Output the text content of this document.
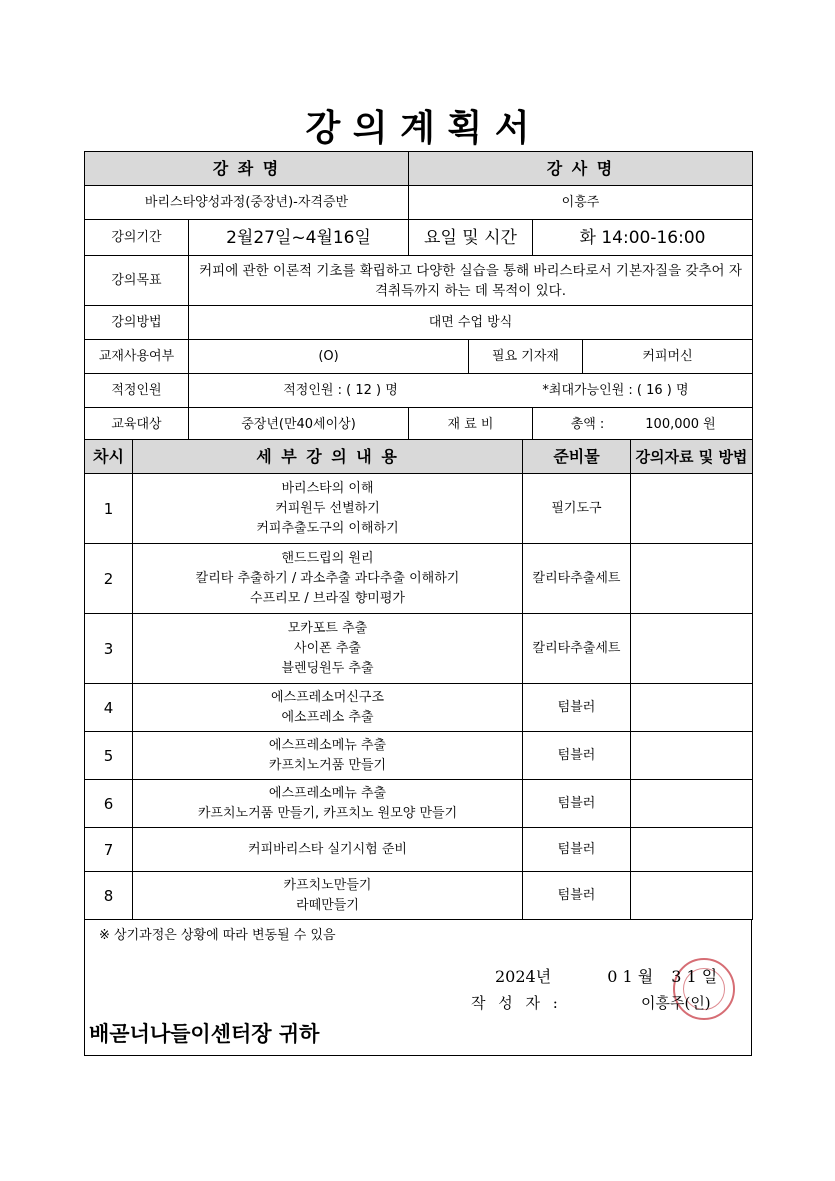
강 의 계 획 서
강 좌 명		강 사 명			
바리스타양성과정(중장년)-자격증반		이흥주			
강의기간	2월27일~4월16일	요일 및 시간		화 14:00-16:00	
강의목표	커피에 관한 이론적 기초를 확립하고 다양한 실습을 통해 바리스타로서 기본자질을 갖추어 자격취득까지 하는 데 목적이 있다.				
강의방법	대면 수업 방식				
교재사용여부	(O)		필요 기자재		커피머신
적정인원	적정인원 : ( 12 ) 명 *최대가능인원 : ( 16 ) 명				
교육대상	중장년(만40세이상)	재 료 비		총액 : 100,000 원	
차시	세 부 강 의 내 용	준비물	강의자료 및 방법
1	바리스타의 이해
커피원두 선별하기
커피추출도구의 이해하기	필기도구	
2	핸드드립의 원리
칼리타 추출하기 / 과소추출 과다추출 이해하기
수프리모 / 브라질 향미평가	칼리타추출세트	
3	모카포트 추출
사이폰 추출
블렌딩원두 추출	칼리타추출세트	
4	에스프레소머신구조
에소프레소 추출	텀블러	
5	에스프레소메뉴 추출
카프치노거품 만들기	텀블러	
6	에스프레소메뉴 추출
카프치노거품 만들기, 카프치노 원모양 만들기	텀블러	
7	커피바리스타 실기시험 준비	텀블러	
8	카프치노만들기
라떼만들기	텀블러	
※ 상기과정은 상황에 따라 변동될 수 있음
2024년	0 1 월 3 1 일
작 성 자 :	이흥주(인)
배곧너나들이센터장 귀하
